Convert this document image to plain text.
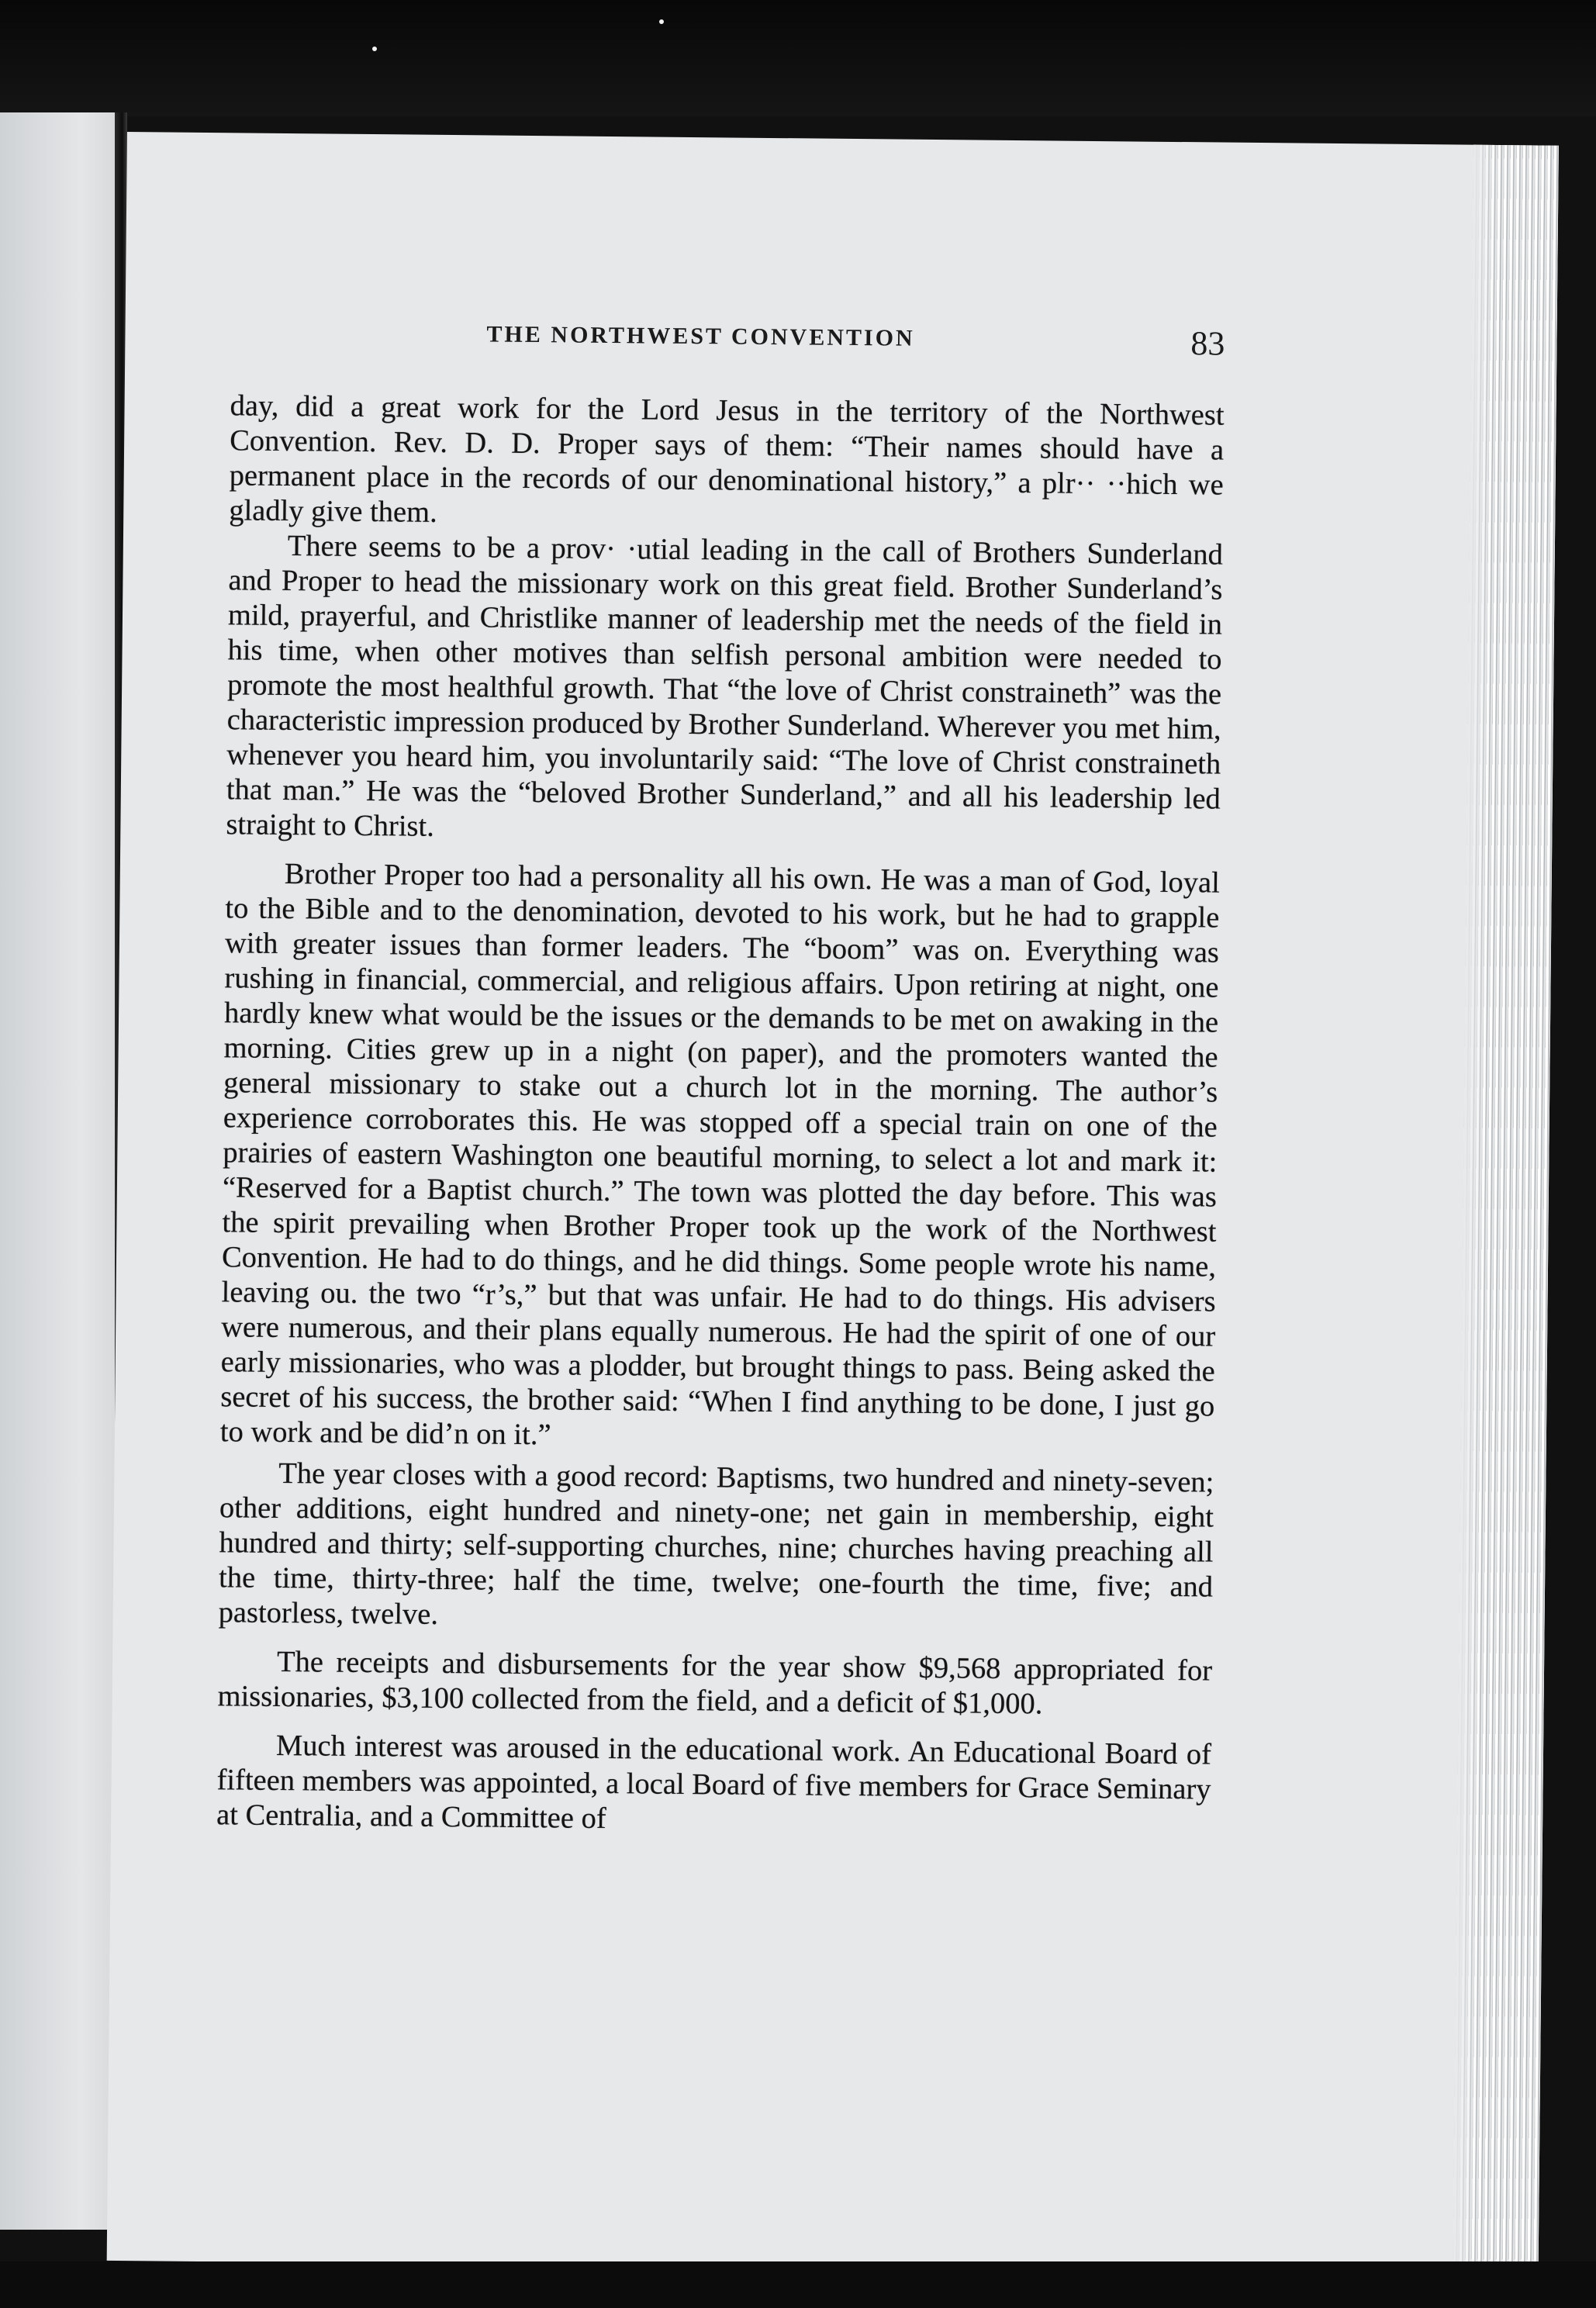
THE NORTHWEST CONVENTION	83

day, did a great work for the Lord Jesus in the territory of the Northwest Convention. Rev. D. D. Proper says of them: “Their names should have a permanent place in the records of our denominational history,” a plr·· ··hich we gladly give them.

There seems to be a prov· ·utial leading in the call of Brothers Sunderland and Proper to head the missionary work on this great field. Brother Sunderland’s mild, prayerful, and Christlike manner of leadership met the needs of the field in his time, when other motives than selfish personal ambition were needed to promote the most healthful growth. That “the love of Christ constraineth” was the characteristic impression produced by Brother Sunderland. Wherever you met him, whenever you heard him, you involuntarily said: “The love of Christ constraineth that man.” He was the “beloved Brother Sunderland,” and all his leadership led straight to Christ.

Brother Proper too had a personality all his own. He was a man of God, loyal to the Bible and to the denomination, devoted to his work, but he had to grapple with greater issues than former leaders. The “boom” was on. Everything was rushing in financial, commercial, and religious affairs. Upon retiring at night, one hardly knew what would be the issues or the demands to be met on awaking in the morning. Cities grew up in a night (on paper), and the promoters wanted the general missionary to stake out a church lot in the morning. The author’s experience corroborates this. He was stopped off a special train on one of the prairies of eastern Washington one beautiful morning, to select a lot and mark it: “Reserved for a Baptist church.” The town was plotted the day before. This was the spirit prevailing when Brother Proper took up the work of the Northwest Convention. He had to do things, and he did things. Some people wrote his name, leaving ou. the two “r’s,” but that was unfair. He had to do things. His advisers were numerous, and their plans equally numerous. He had the spirit of one of our early missionaries, who was a plodder, but brought things to pass. Being asked the secret of his success, the brother said: “When I find anything to be done, I just go to work and be did’n on it.”

The year closes with a good record: Baptisms, two hundred and ninety-seven; other additions, eight hundred and ninety-one; net gain in membership, eight hundred and thirty; self-supporting churches, nine; churches having preaching all the time, thirty-three; half the time, twelve; one-fourth the time, five; and pastorless, twelve.

The receipts and disbursements for the year show $9,568 appropriated for missionaries, $3,100 collected from the field, and a deficit of $1,000.

Much interest was aroused in the educational work. An Educational Board of fifteen members was appointed, a local Board of five members for Grace Seminary at Centralia, and a Committee of
